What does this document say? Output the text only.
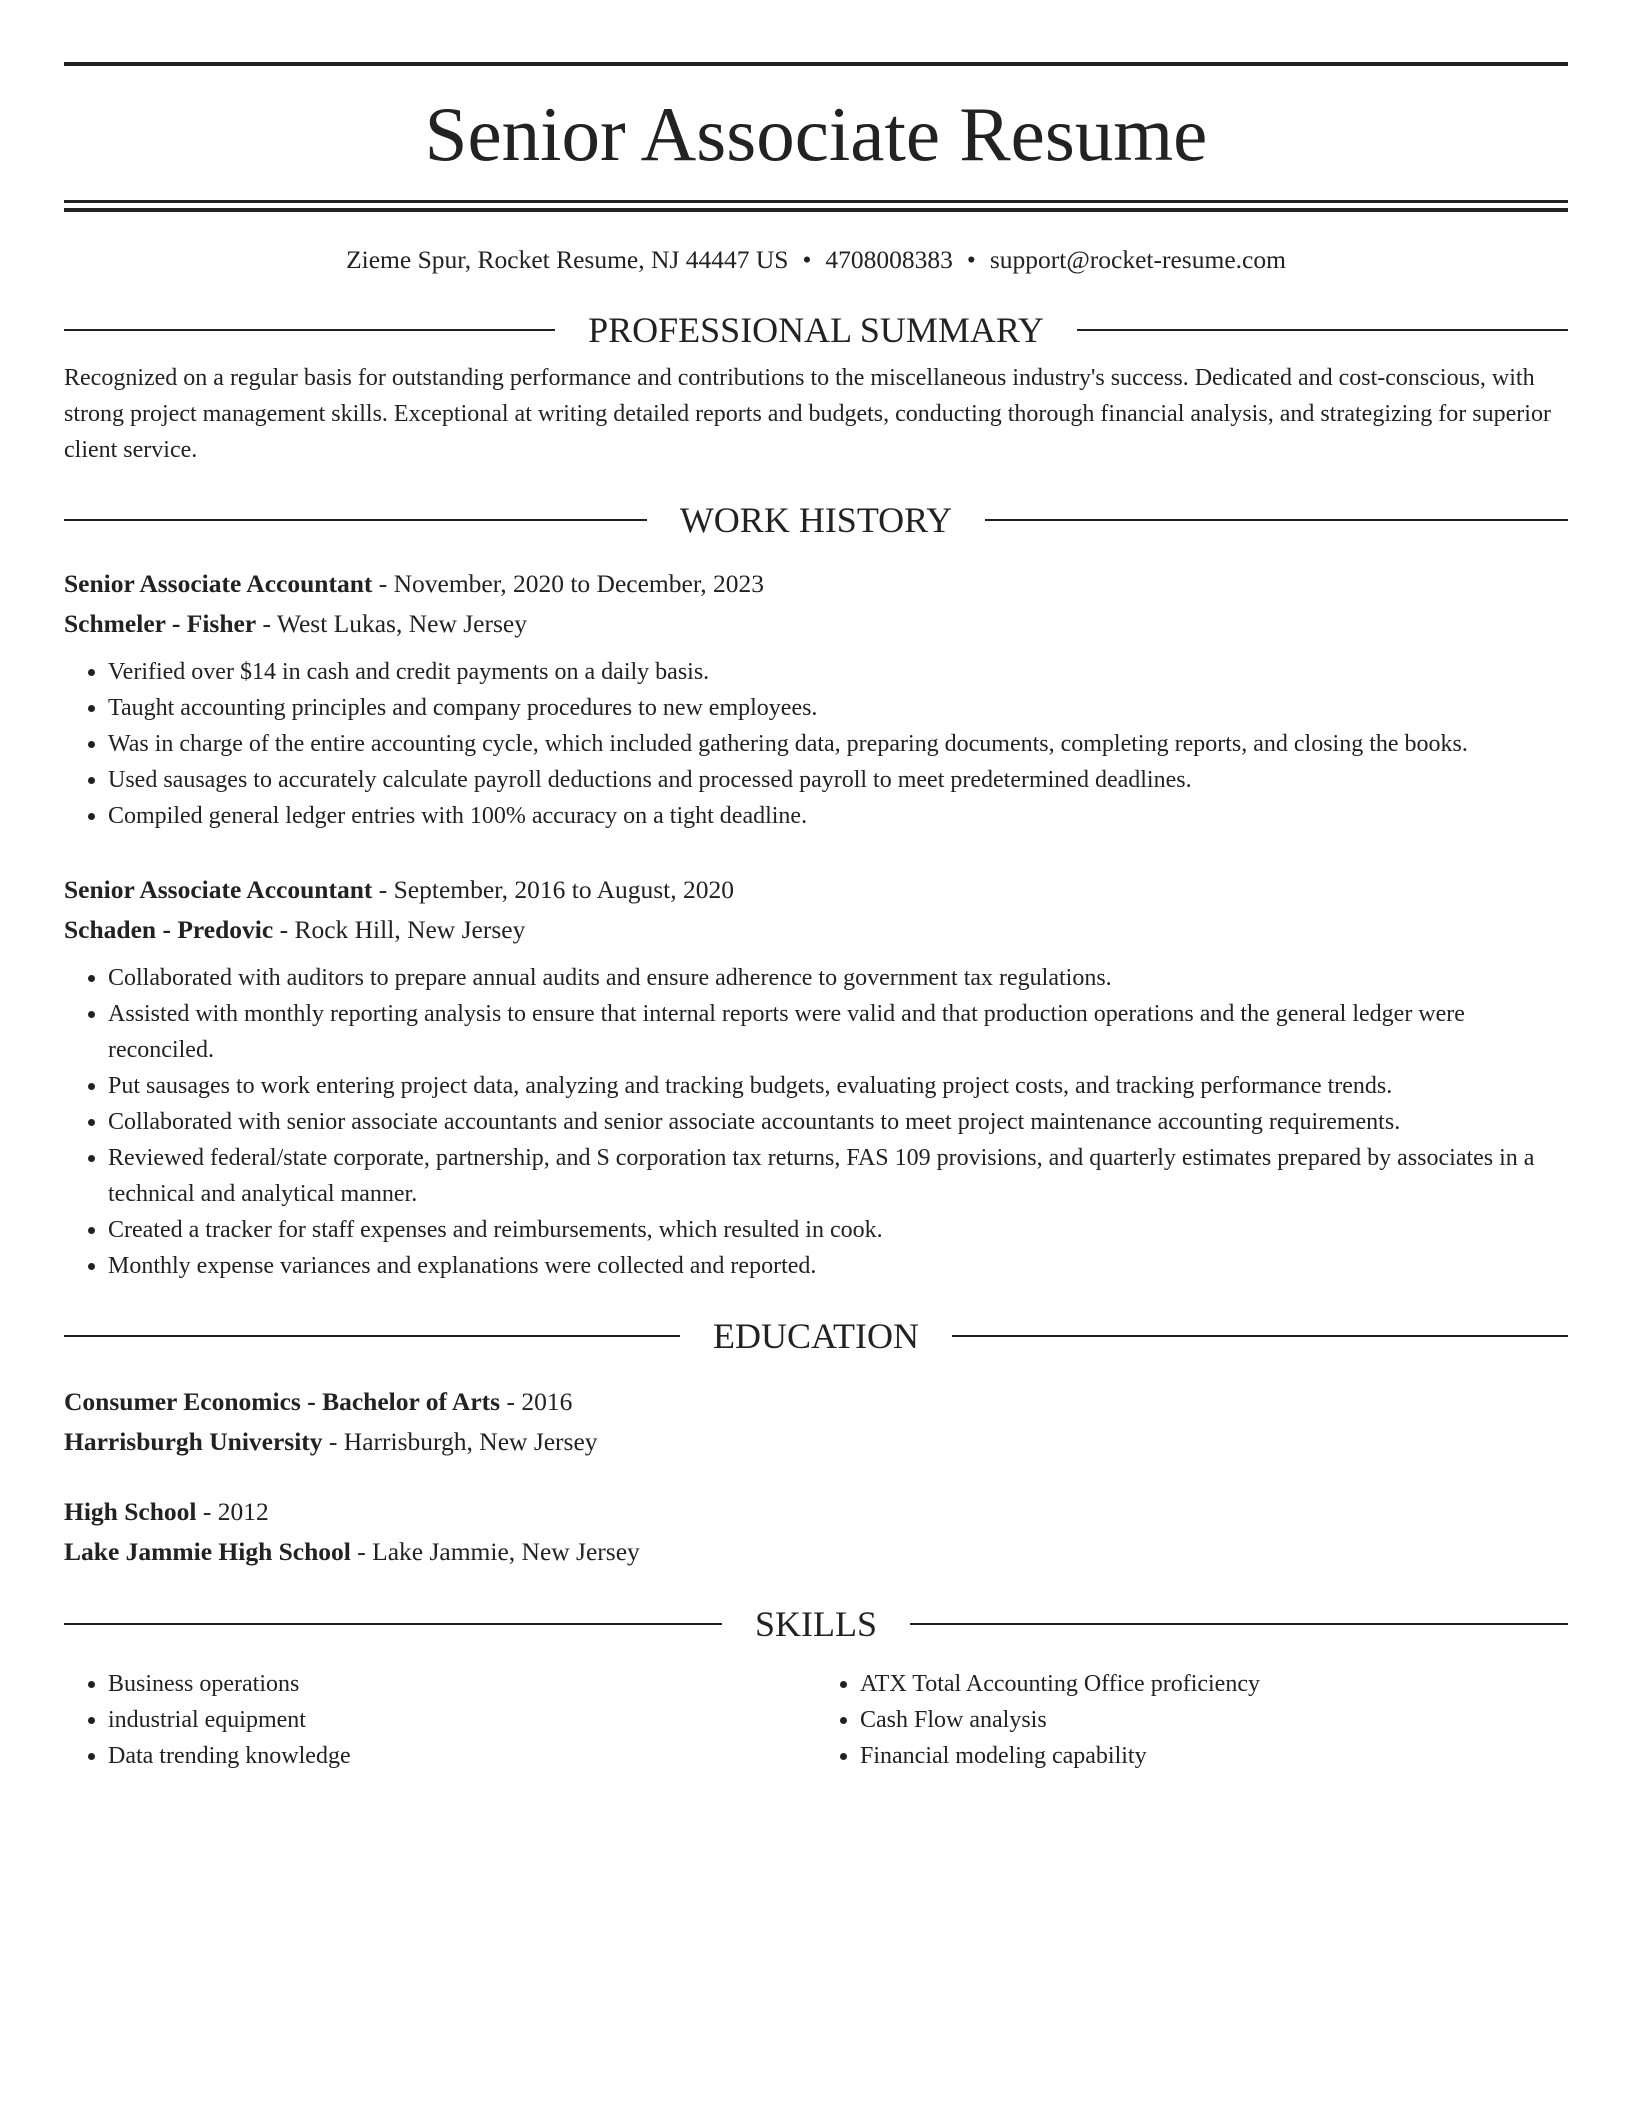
Senior Associate Resume
Zieme Spur, Rocket Resume, NJ 44447 US • 4708008383 • support@rocket-resume.com
PROFESSIONAL SUMMARY
Recognized on a regular basis for outstanding performance and contributions to the miscellaneous industry's success. Dedicated and cost-conscious, with strong project management skills. Exceptional at writing detailed reports and budgets, conducting thorough financial analysis, and strategizing for superior client service.
WORK HISTORY
Senior Associate Accountant - November, 2020 to December, 2023
Schmeler - Fisher - West Lukas, New Jersey
• Verified over $14 in cash and credit payments on a daily basis.
• Taught accounting principles and company procedures to new employees.
• Was in charge of the entire accounting cycle, which included gathering data, preparing documents, completing reports, and closing the books.
• Used sausages to accurately calculate payroll deductions and processed payroll to meet predetermined deadlines.
• Compiled general ledger entries with 100% accuracy on a tight deadline.
Senior Associate Accountant - September, 2016 to August, 2020
Schaden - Predovic - Rock Hill, New Jersey
• Collaborated with auditors to prepare annual audits and ensure adherence to government tax regulations.
• Assisted with monthly reporting analysis to ensure that internal reports were valid and that production operations and the general ledger were reconciled.
• Put sausages to work entering project data, analyzing and tracking budgets, evaluating project costs, and tracking performance trends.
• Collaborated with senior associate accountants and senior associate accountants to meet project maintenance accounting requirements.
• Reviewed federal/state corporate, partnership, and S corporation tax returns, FAS 109 provisions, and quarterly estimates prepared by associates in a technical and analytical manner.
• Created a tracker for staff expenses and reimbursements, which resulted in cook.
• Monthly expense variances and explanations were collected and reported.
EDUCATION
Consumer Economics - Bachelor of Arts - 2016
Harrisburgh University - Harrisburgh, New Jersey
High School - 2012
Lake Jammie High School - Lake Jammie, New Jersey
SKILLS
• Business operations
• industrial equipment
• Data trending knowledge
• ATX Total Accounting Office proficiency
• Cash Flow analysis
• Financial modeling capability
